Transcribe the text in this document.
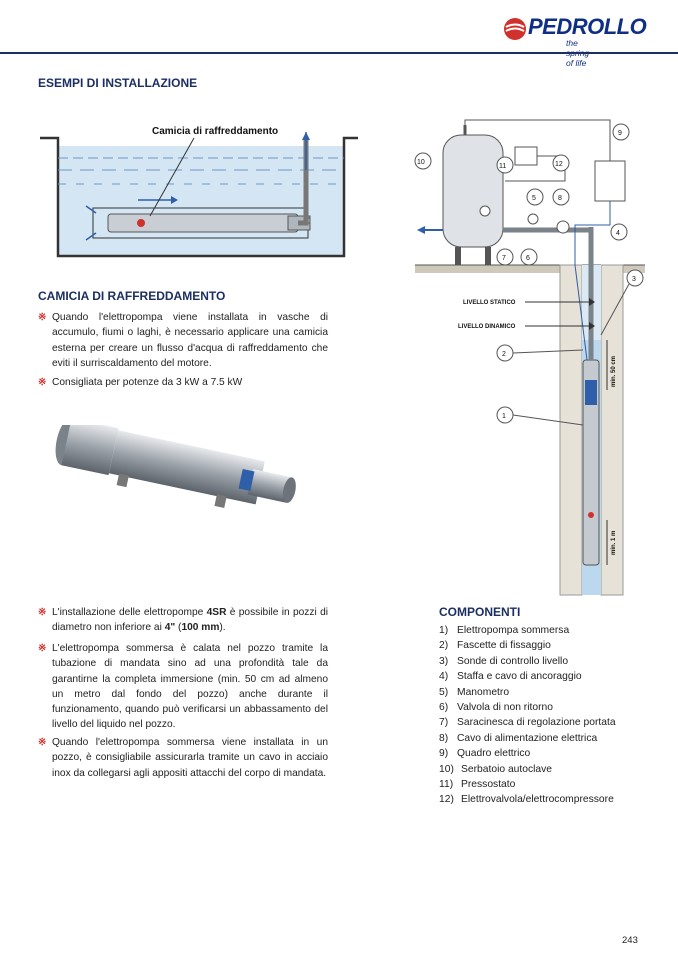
PEDROLLO
the of life
ESEMPI DI INSTALLAZIONE
Camicia di raffreddamento
CAMICIA DI RAFFREDDAMENTO
※ Quando l'elettropompa viene installata in vasche di accumulo, fiumi o laghi, è necessario applicare una camicia esterna per creare un flusso d'acqua di raffreddamento che eviti il surriscaldamento del motore.
※ Consigliata per potenze da 3 kW a 7.5 kW
※ L'installazione delle elettropompe 4SR è possibile in pozzi di diametro non inferiore ai 4" (100 mm).
※ L'elettropompa sommersa è calata nel pozzo tramite la tubazione di mandata sino ad una profondità tale da garantirne la completa immersione (min. 50 cm ad almeno un metro dal fondo del pozzo) anche durante il funzionamento, quando può verificarsi un abbassamento del livello del liquido nel pozzo.
※ Quando l'elettropompa sommersa viene installata in un pozzo, è consigliabile assicurarla tramite un cavo in acciaio inox da collegarsi agli appositi attacchi del corpo di mandata.
LIVELLO STATICO
LIVELLO DINAMICO
min. 50 cm
min. 1 m
1
2
3
4
5
6
7
8
9
10
11	12
COMPONENTI
1) Elettropompa sommersa
2) Fascette di fissaggio
3) Sonde di controllo livello
4) Staffa e cavo di ancoraggio
5) Manometro
6) Valvola di non ritorno
7) Saracinesca di regolazione portata
8) Cavo di alimentazione elettrica
9) Quadro elettrico
10) Serbatoio autoclave
11) Pressostato
12) Elettrovalvola/elettrocompressore
243
